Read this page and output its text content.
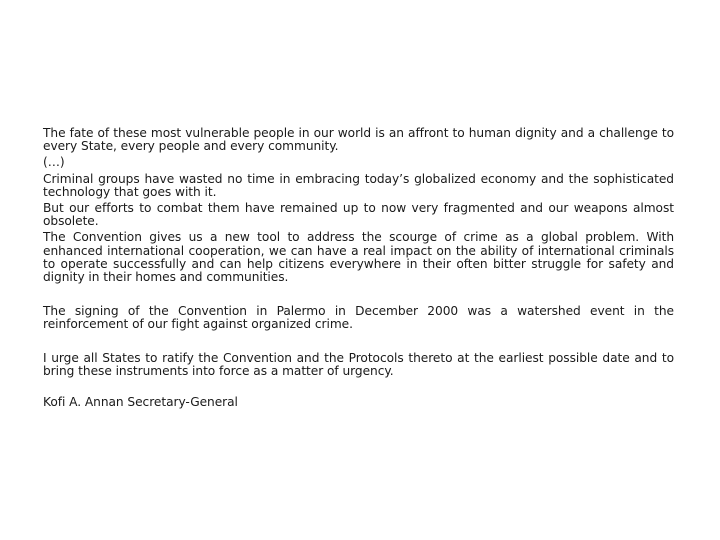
The fate of these most vulnerable people in our world is an affront to human dignity and a challenge to every State, every people and every community.

(…)

Criminal groups have wasted no time in embracing today’s globalized economy and the sophisticated technology that goes with it.

But our efforts to combat them have remained up to now very fragmented and our weapons almost obsolete.

The Convention gives us a new tool to address the scourge of crime as a global problem. With enhanced international cooperation, we can have a real impact on the ability of international criminals to operate successfully and can help citizens everywhere in their often bitter struggle for safety and dignity in their homes and communities.

The signing of the Convention in Palermo in December 2000 was a watershed event in the reinforcement of our fight against organized crime.

I urge all States to ratify the Convention and the Protocols thereto at the earliest possible date and to bring these instruments into force as a matter of urgency.

Kofi A. Annan Secretary-General
